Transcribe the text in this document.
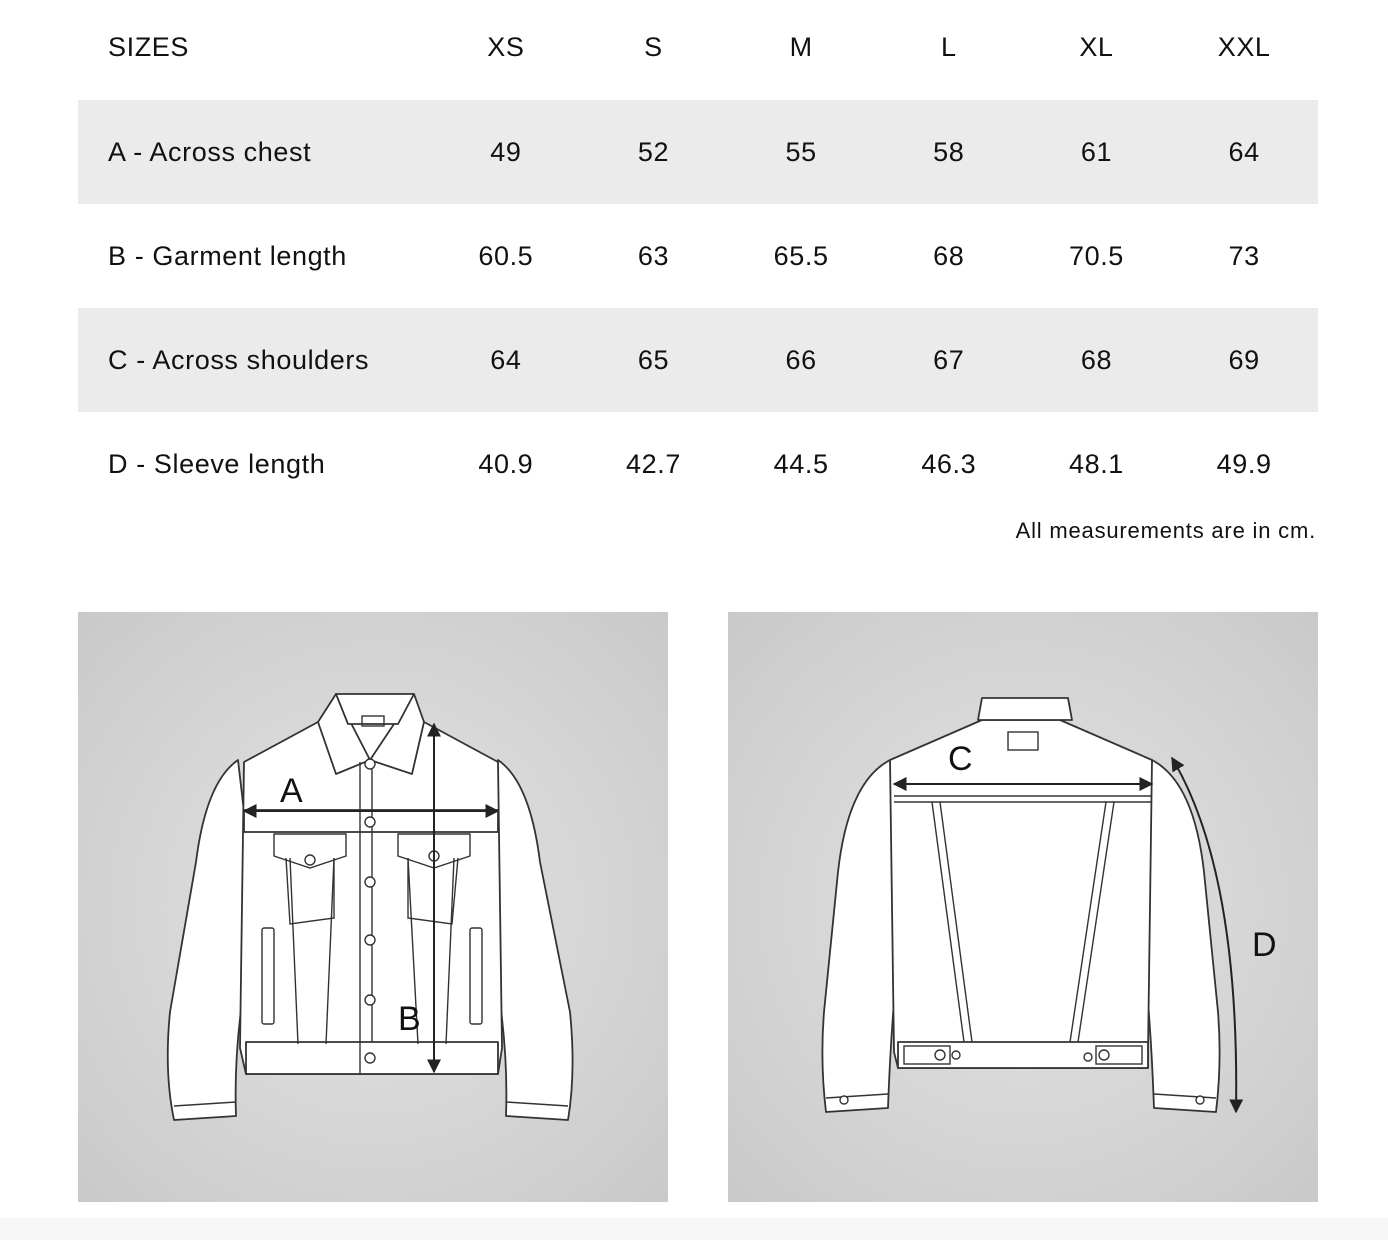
SIZES	XS	S	M	L	XL	XXL
A - Across chest	49	52	55	58	61	64
B - Garment length	60.5	63	65.5	68	70.5	73
C - Across shoulders	64	65	66	67	68	69
D - Sleeve length	40.9	42.7	44.5	46.3	48.1	49.9
All measurements are in cm.
A
B
C
D
